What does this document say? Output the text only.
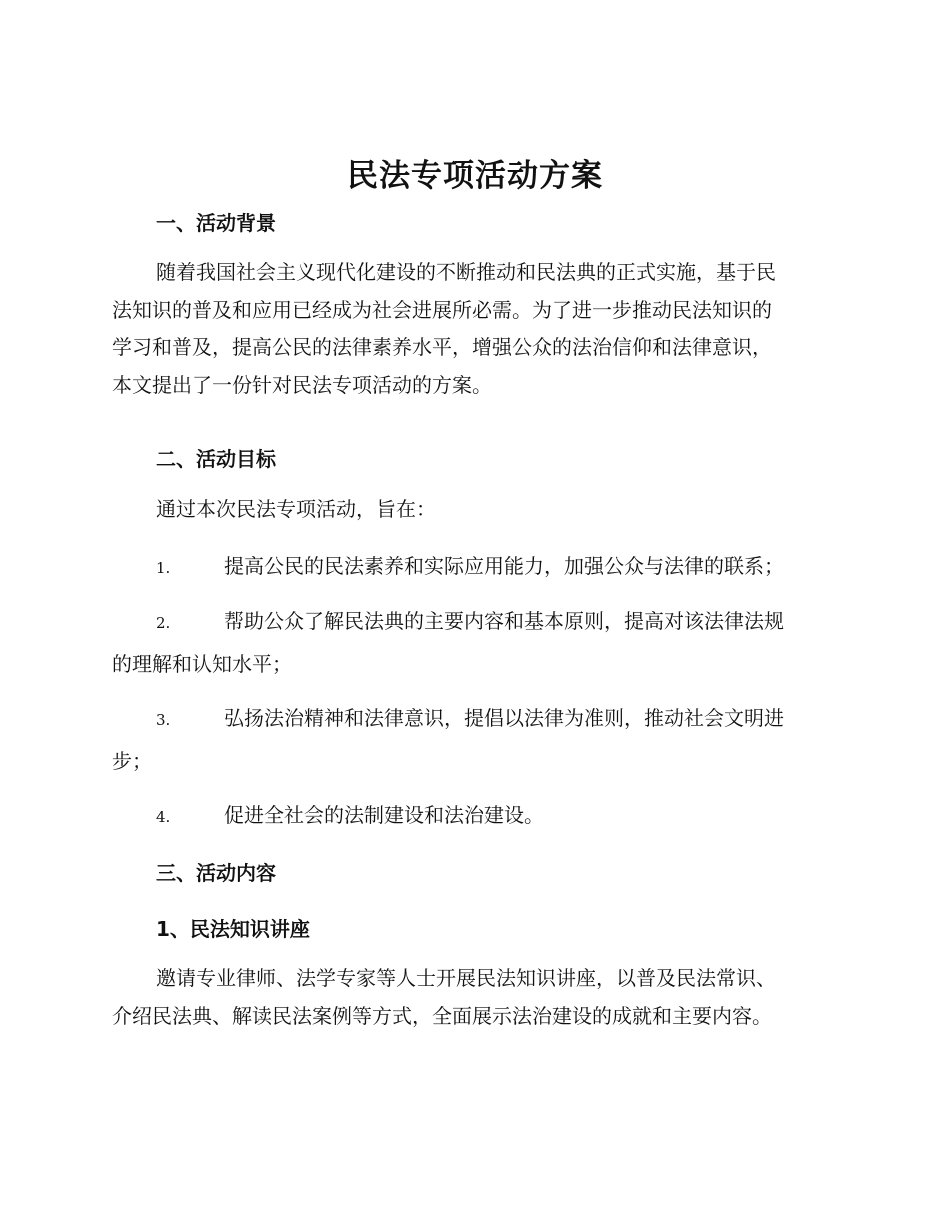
民法专项活动方案
一、活动背景
随着我国社会主义现代化建设的不断推动和民法典的正式实施，基于民
法知识的普及和应用已经成为社会进展所必需。为了进一步推动民法知识的
学习和普及，提高公民的法律素养水平，增强公众的法治信仰和法律意识，
本文提出了一份针对民法专项活动的方案。
二、活动目标
通过本次民法专项活动，旨在：
1.	提高公民的民法素养和实际应用能力，加强公众与法律的联系；
2.	帮助公众了解民法典的主要内容和基本原则，提高对该法律法规
的理解和认知水平；
3.	弘扬法治精神和法律意识，提倡以法律为准则，推动社会文明进
步；
4.	促进全社会的法制建设和法治建设。
三、活动内容
1、民法知识讲座
邀请专业律师、法学专家等人士开展民法知识讲座，以普及民法常识、
介绍民法典、解读民法案例等方式，全面展示法治建设的成就和主要内容。
